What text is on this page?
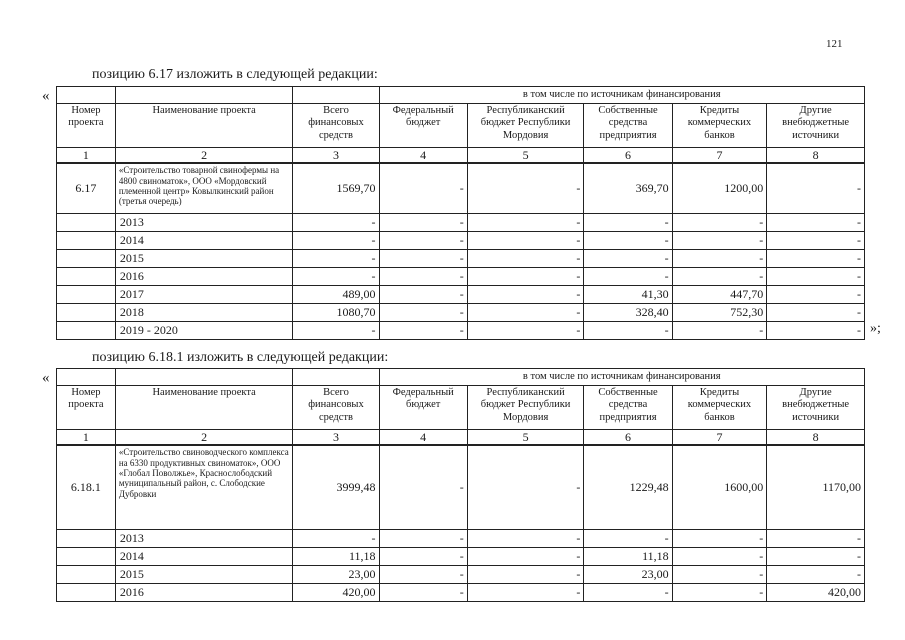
121
позицию 6.17 изложить в следующей редакции:
«
»;
			в том числе по источникам финансирования				
Номер проекта	Наименование проекта	Всего финансовых средств	Федеральный бюджет	Республиканский бюджет Республики Мордовия	Собственные средства предприятия	Кредиты коммерческих банков	Другие внебюджетные источники
1	2	3	4	5	6	7	8
6.17	«Строительство товарной свинофермы на 4800 свиноматок», ООО «Мордовский племенной центр» Ковылкинский район (третья очередь)	1569,70	-	-	369,70	1200,00	-
	2013	-	-	-	-	-	-
	2014	-	-	-	-	-	-
	2015	-	-	-	-	-	-
	2016	-	-	-	-	-	-
	2017	489,00	-	-	41,30	447,70	-
	2018	1080,70	-	-	328,40	752,30	-
	2019 - 2020	-	-	-	-	-	-
позицию 6.18.1 изложить в следующей редакции:
«
				в том числе по источникам финансирования				
Номер проекта	Наименование проекта	Всего финансовых средств	Федеральный бюджет	Республиканский бюджет Республики Мордовия	Собственные средства предприятия	Кредиты коммерческих банков	Другие внебюджетные источники
1	2	3	4	5	6	7	8
6.18.1	«Строительство свиноводческого комплекса на 6330 продуктивных свиноматок», ООО «Глобал Поволжье», Краснослободский муниципальный район, с. Слободские Дубровки	3999,48	-	-	1229,48	1600,00	1170,00
	2013	-	-	-	-	-	-
	2014	11,18	-	-	11,18	-	-
	2015	23,00	-	-	23,00	-	-
	2016	420,00	-	-	-	-	420,00
